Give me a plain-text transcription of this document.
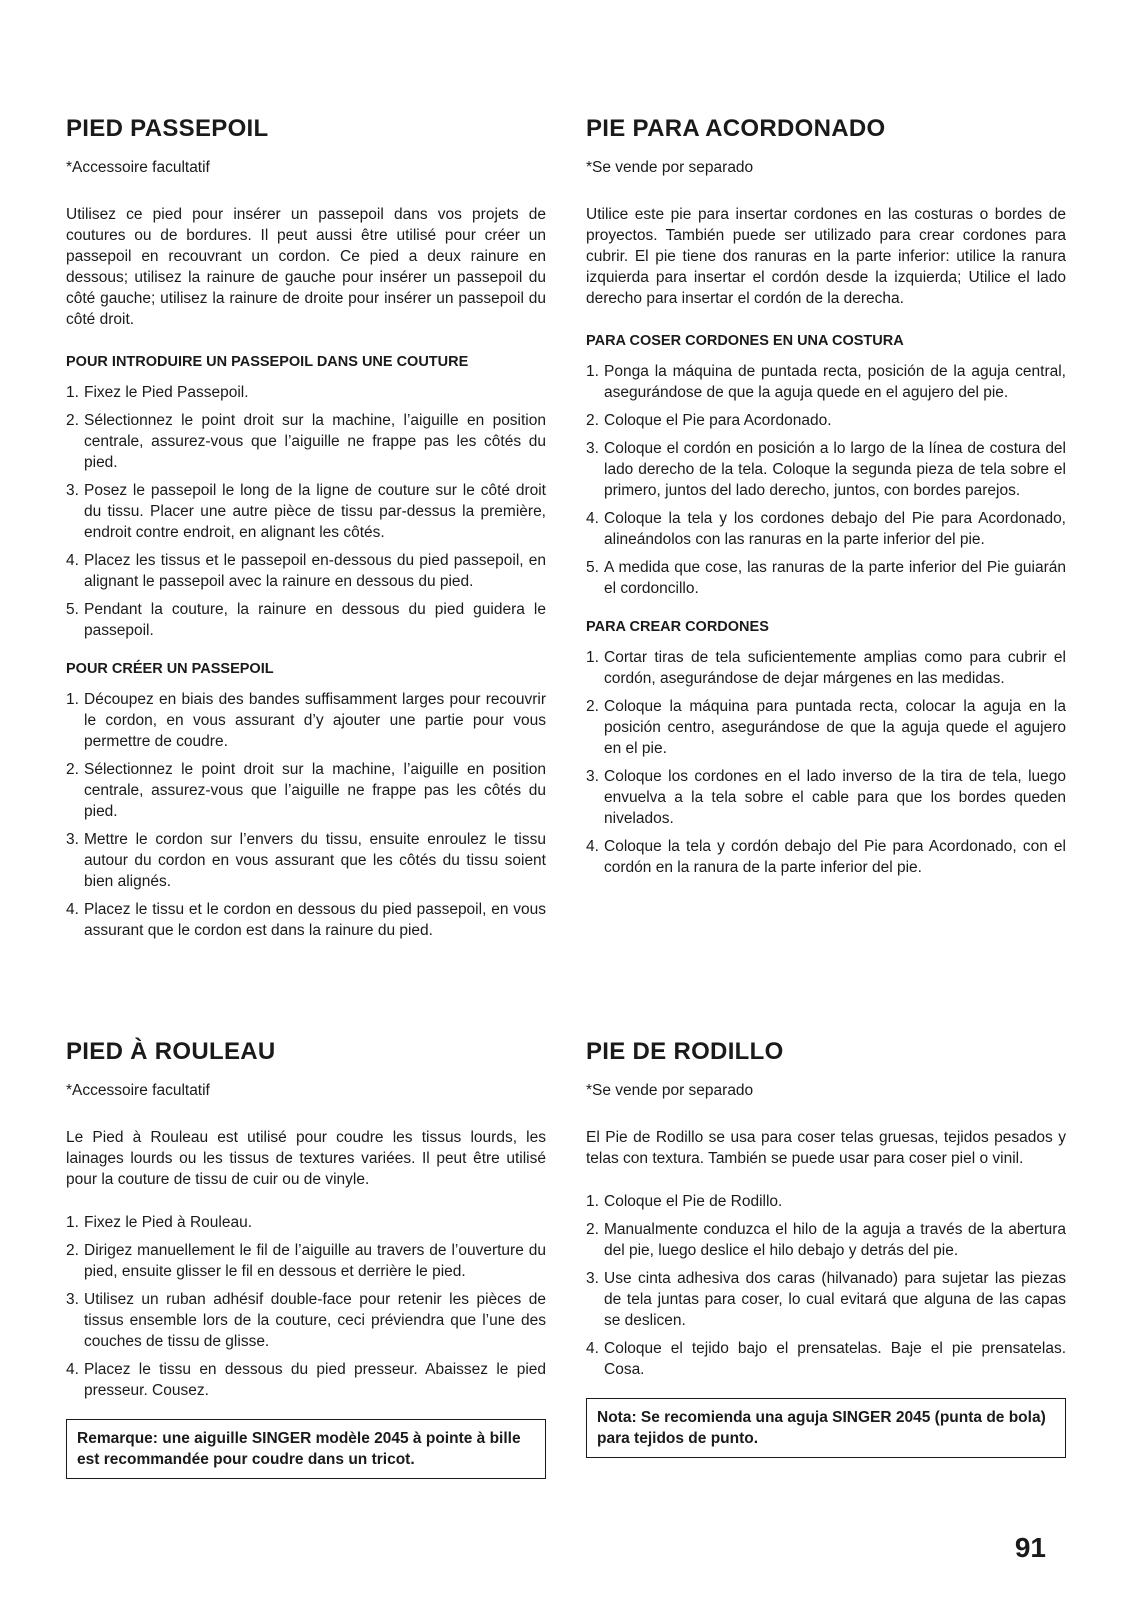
PIED PASSEPOIL
*Accessoire facultatif

Utilisez ce pied pour insérer un passepoil dans vos projets de coutures ou de bordures. Il peut aussi être utilisé pour créer un passepoil en recouvrant un cordon. Ce pied a deux rainure en dessous; utilisez la rainure de gauche pour insérer un passepoil du côté gauche; utilisez la rainure de droite pour insérer un passepoil du côté droit.

POUR INTRODUIRE UN PASSEPOIL DANS UNE COUTURE
1. Fixez le Pied Passepoil.
2. Sélectionnez le point droit sur la machine, l’aiguille en position centrale, assurez-vous que l’aiguille ne frappe pas les côtés du pied.
3. Posez le passepoil le long de la ligne de couture sur le côté droit du tissu. Placer une autre pièce de tissu par-dessus la première, endroit contre endroit, en alignant les côtés.
4. Placez les tissus et le passepoil en-dessous du pied passepoil, en alignant le passepoil avec la rainure en dessous du pied.
5. Pendant la couture, la rainure en dessous du pied guidera le passepoil.
POUR CRÉER UN PASSEPOIL
1. Découpez en biais des bandes suffisamment larges pour recouvrir le cordon, en vous assurant d’y ajouter une partie pour vous permettre de coudre.
2. Sélectionnez le point droit sur la machine, l’aiguille en position centrale, assurez-vous que l’aiguille ne frappe pas les côtés du pied.
3. Mettre le cordon sur l’envers du tissu, ensuite enroulez le tissu autour du cordon en vous assurant que les côtés du tissu soient bien alignés.
4. Placez le tissu et le cordon en dessous du pied passepoil, en vous assurant que le cordon est dans la rainure du pied.
PIE PARA ACORDONADO
*Se vende por separado

Utilice este pie para insertar cordones en las costuras o bordes de proyectos. También puede ser utilizado para crear cordones para cubrir. El pie tiene dos ranuras en la parte inferior: utilice la ranura izquierda para insertar el cordón desde la izquierda; Utilice el lado derecho para insertar el cordón de la derecha.

PARA COSER CORDONES EN UNA COSTURA
1. Ponga la máquina de puntada recta, posición de la aguja central, asegurándose de que la aguja quede en el agujero del pie.
2. Coloque el Pie para Acordonado.
3. Coloque el cordón en posición a lo largo de la línea de costura del lado derecho de la tela. Coloque la segunda pieza de tela sobre el primero, juntos del lado derecho, juntos, con bordes parejos.
4. Coloque la tela y los cordones debajo del Pie para Acordonado, alineándolos con las ranuras en la parte inferior del pie.
5. A medida que cose, las ranuras de la parte inferior del Pie guiarán el cordoncillo.
PARA CREAR CORDONES
1. Cortar tiras de tela suficientemente amplias como para cubrir el cordón, asegurándose de dejar márgenes en las medidas.
2. Coloque la máquina para puntada recta, colocar la aguja en la posición centro, asegurándose de que la aguja quede el agujero en el pie.
3. Coloque los cordones en el lado inverso de la tira de tela, luego envuelva a la tela sobre el cable para que los bordes queden nivelados.
4. Coloque la tela y cordón debajo del Pie para Acordonado, con el cordón en la ranura de la parte inferior del pie.
PIED À ROULEAU
*Accessoire facultatif

Le Pied à Rouleau est utilisé pour coudre les tissus lourds, les lainages lourds ou les tissus de textures variées. Il peut être utilisé pour la couture de tissu de cuir ou de vinyle.

1. Fixez le Pied à Rouleau.
2. Dirigez manuellement le fil de l’aiguille au travers de l’ouverture du pied, ensuite glisser le fil en dessous et derrière le pied.
3. Utilisez un ruban adhésif double-face pour retenir les pièces de tissus ensemble lors de la couture, ceci préviendra que l’une des couches de tissu de glisse.
4. Placez le tissu en dessous du pied presseur. Abaissez le pied presseur. Cousez.
Remarque: une aiguille SINGER modèle 2045 à pointe à bille est recommandée pour coudre dans un tricot.
PIE DE RODILLO
*Se vende por separado

El Pie de Rodillo se usa para coser telas gruesas, tejidos pesados y telas con textura. También se puede usar para coser piel o vinil.

1. Coloque el Pie de Rodillo.
2. Manualmente conduzca el hilo de la aguja a través de la abertura del pie, luego deslice el hilo debajo y detrás del pie.
3. Use cinta adhesiva dos caras (hilvanado) para sujetar las piezas de tela juntas para coser, lo cual evitará que alguna de las capas se deslicen.
4. Coloque el tejido bajo el prensatelas. Baje el pie prensatelas. Cosa.
Nota: Se recomienda una aguja SINGER 2045 (punta de bola) para tejidos de punto.
91
